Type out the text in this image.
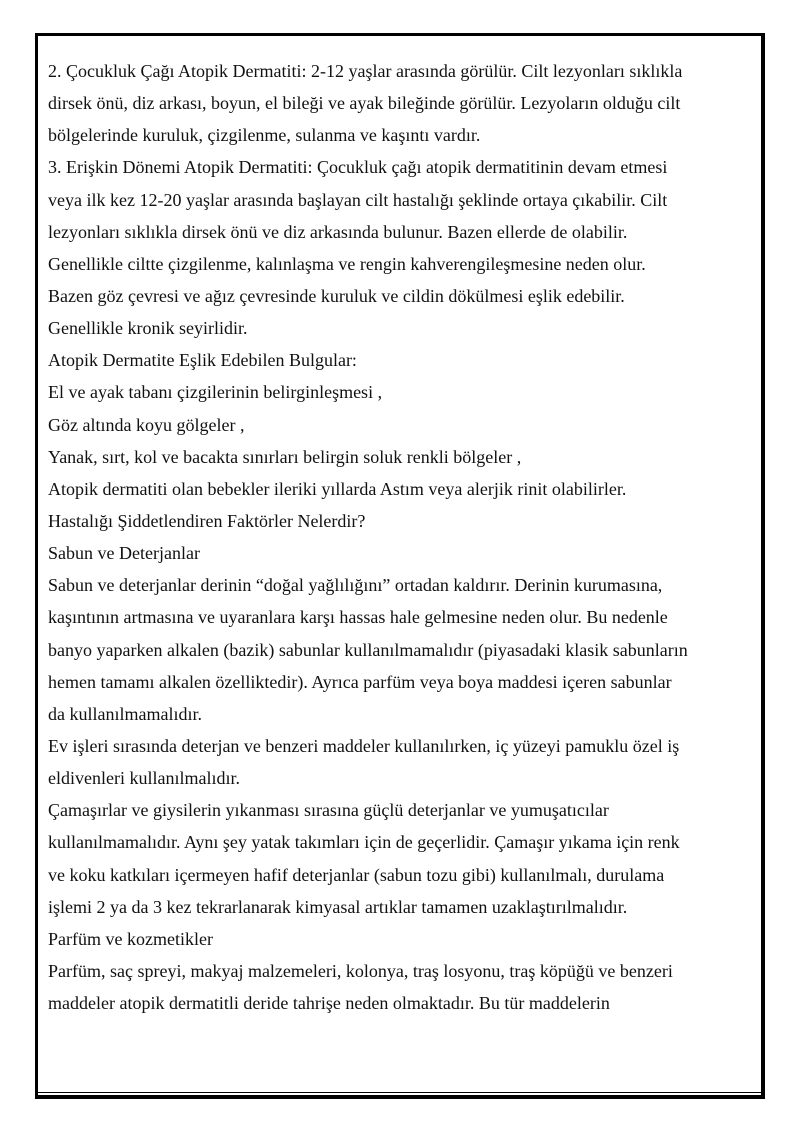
2. Çocukluk Çağı Atopik Dermatiti: 2-12 yaşlar arasında görülür. Cilt lezyonları sıklıkla
dirsek önü, diz arkası, boyun, el bileği ve ayak bileğinde görülür. Lezyoların olduğu cilt
bölgelerinde kuruluk, çizgilenme, sulanma ve kaşıntı vardır.
3. Erişkin Dönemi Atopik Dermatiti: Çocukluk çağı atopik dermatitinin devam etmesi
veya ilk kez 12-20 yaşlar arasında başlayan cilt hastalığı şeklinde ortaya çıkabilir. Cilt
lezyonları sıklıkla dirsek önü ve diz arkasında bulunur. Bazen ellerde de olabilir.
Genellikle ciltte çizgilenme, kalınlaşma ve rengin kahverengileşmesine neden olur.
Bazen göz çevresi ve ağız çevresinde kuruluk ve cildin dökülmesi eşlik edebilir.
Genellikle kronik seyirlidir.
Atopik Dermatite Eşlik Edebilen Bulgular:
El ve ayak tabanı çizgilerinin belirginleşmesi ,
Göz altında koyu gölgeler ,
Yanak, sırt, kol ve bacakta sınırları belirgin soluk renkli bölgeler ,
Atopik dermatiti olan bebekler ileriki yıllarda Astım veya alerjik rinit olabilirler.
Hastalığı Şiddetlendiren Faktörler Nelerdir?
Sabun ve Deterjanlar
Sabun ve deterjanlar derinin “doğal yağlılığını” ortadan kaldırır. Derinin kurumasına,
kaşıntının artmasına ve uyaranlara karşı hassas hale gelmesine neden olur. Bu nedenle
banyo yaparken alkalen (bazik) sabunlar kullanılmamalıdır (piyasadaki klasik sabunların
hemen tamamı alkalen özelliktedir). Ayrıca parfüm veya boya maddesi içeren sabunlar
da kullanılmamalıdır.
Ev işleri sırasında deterjan ve benzeri maddeler kullanılırken, iç yüzeyi pamuklu özel iş
eldivenleri kullanılmalıdır.
Çamaşırlar ve giysilerin yıkanması sırasına güçlü deterjanlar ve yumuşatıcılar
kullanılmamalıdır. Aynı şey yatak takımları için de geçerlidir. Çamaşır yıkama için renk
ve koku katkıları içermeyen hafif deterjanlar (sabun tozu gibi) kullanılmalı, durulama
işlemi 2 ya da 3 kez tekrarlanarak kimyasal artıklar tamamen uzaklaştırılmalıdır.
Parfüm ve kozmetikler
Parfüm, saç spreyi, makyaj malzemeleri, kolonya, traş losyonu, traş köpüğü ve benzeri
maddeler atopik dermatitli deride tahrişe neden olmaktadır. Bu tür maddelerin
